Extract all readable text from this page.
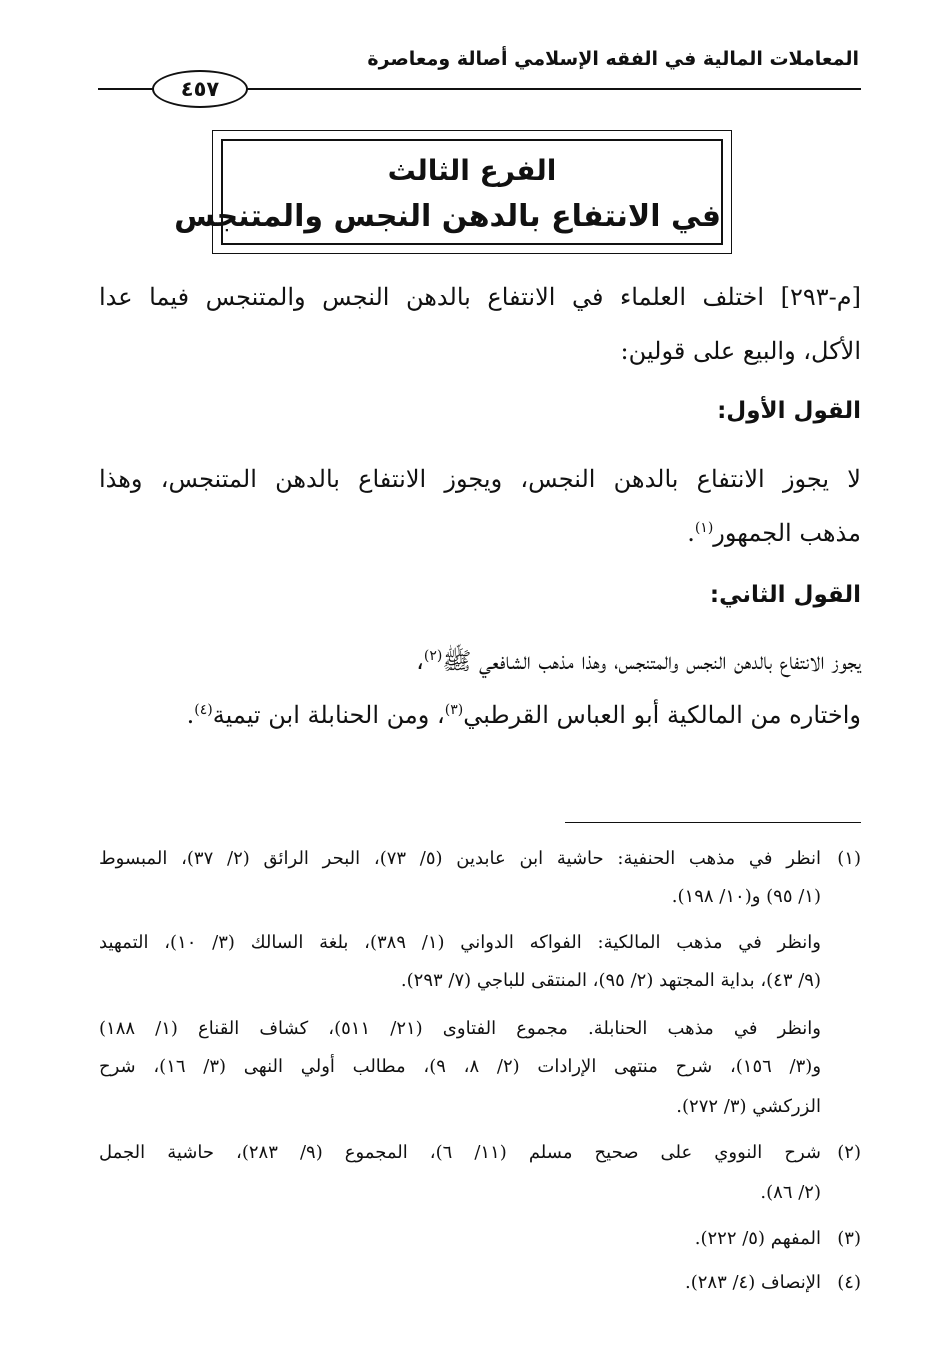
المعاملات المالية في الفقه الإسلامي أصالة ومعاصرة
٤٥٧
الفرع الثالث
في الانتفاع بالدهن النجس والمتنجس
[م-٢٩٣] اختلف العلماء في الانتفاع بالدهن النجس والمتنجس فيما عدا
الأكل، والبيع على قولين:
القول الأول:
لا يجوز الانتفاع بالدهن النجس، ويجوز الانتفاع بالدهن المتنجس، وهذا
مذهب الجمهور$^{(١)}$.
القول الثاني:
يجوز الانتفاع بالدهن النجس والمتنجس، وهذا مذهب الشافعي ﷺ$^{(٢)}$،
واختاره من المالكية أبو العباس القرطبي$^{(٣)}$، ومن الحنابلة ابن تيمية$^{(٤)}$.
(١)انظر في مذهب الحنفية: حاشية ابن عابدين (٥/ ٧٣)، البحر الرائق (٢/ ٣٧)، المبسوط
(١/ ٩٥) و(١٠/ ١٩٨).
وانظر في مذهب المالكية: الفواكه الدواني (١/ ٣٨٩)، بلغة السالك (٣/ ١٠)، التمهيد
(٩/ ٤٣)، بداية المجتهد (٢/ ٩٥)، المنتقى للباجي (٧/ ٢٩٣).
وانظر في مذهب الحنابلة. مجموع الفتاوى (٢١/ ٥١١)، كشاف القناع (١/ ١٨٨)
و(٣/ ١٥٦)، شرح منتهى الإرادات (٢/ ٨، ٩)، مطالب أولي النهى (٣/ ١٦)، شرح
الزركشي (٣/ ٢٧٢).
(٢)شرح النووي على صحيح مسلم (١١/ ٦)، المجموع (٩/ ٢٨٣)، حاشية الجمل
(٢/ ٨٦).
(٣)المفهم (٥/ ٢٢٢).
(٤)الإنصاف (٤/ ٢٨٣).
